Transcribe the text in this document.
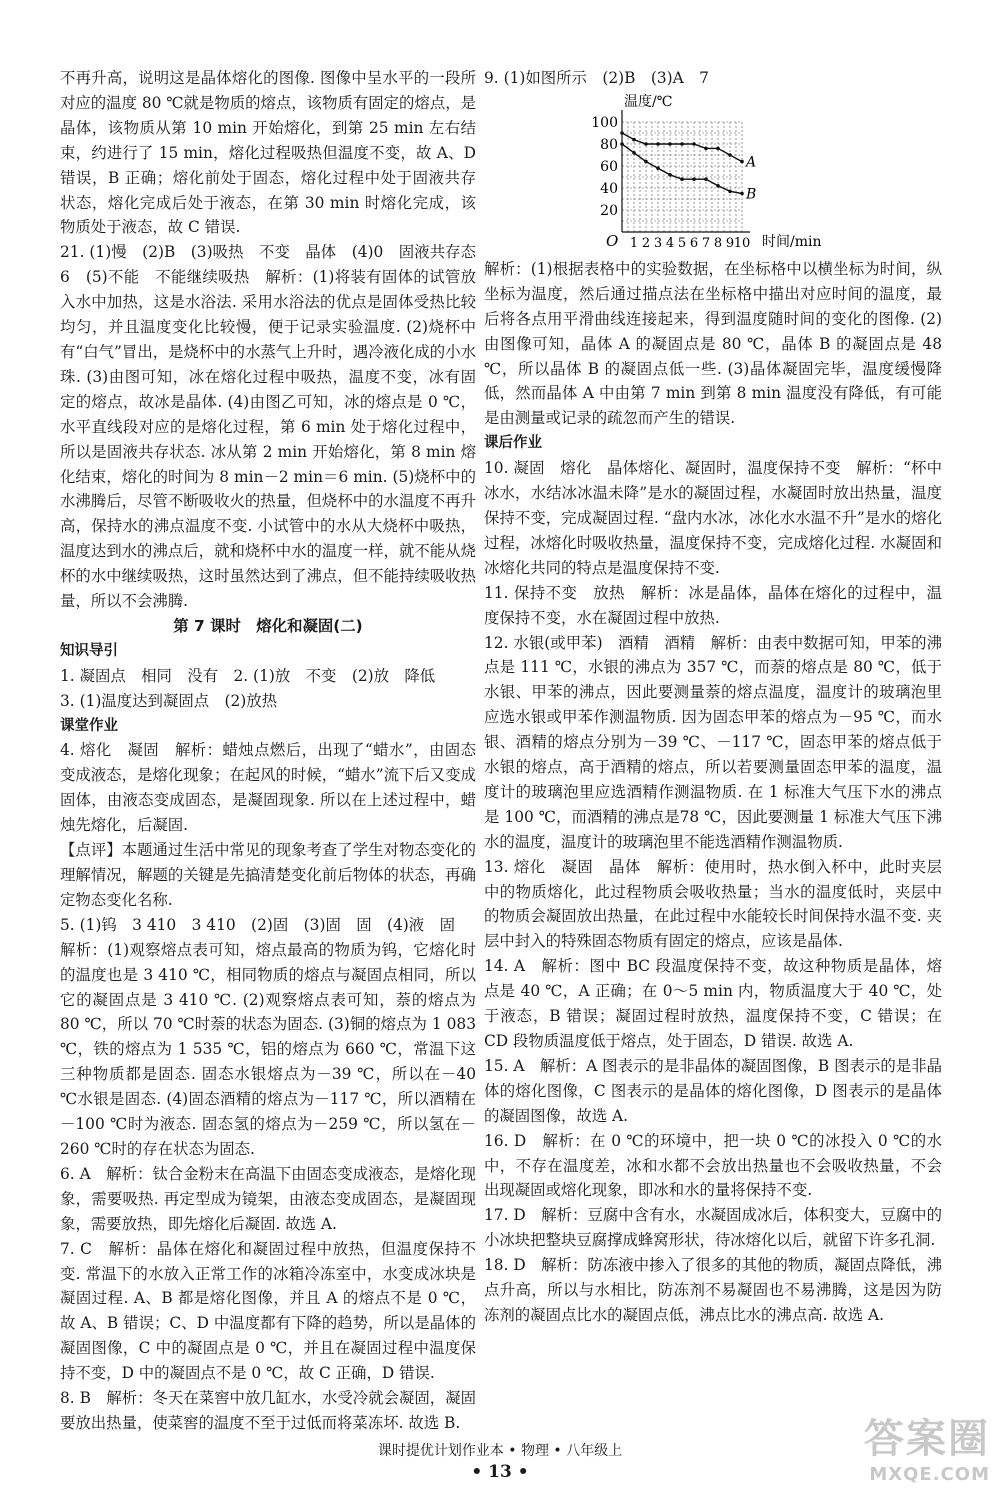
不再升高，说明这是晶体熔化的图像. 图像中呈水平的一段所对应的温度 80 ℃就是物质的熔点，该物质有固定的熔点，是晶体，该物质从第 10 min 开始熔化，到第 25 min 左右结束，约进行了 15 min，熔化过程吸热但温度不变，故 A、D 错误，B 正确；熔化前处于固态，熔化过程中处于固液共存状态，熔化完成后处于液态，在第 30 min 时熔化完成，该物质处于液态，故 C 错误.

21. (1)慢　(2)B　(3)吸热　不变　晶体　(4)0　固液共存态　6　(5)不能　不能继续吸热　解析：(1)将装有固体的试管放入水中加热，这是水浴法. 采用水浴法的优点是固体受热比较均匀，并且温度变化比较慢，便于记录实验温度. (2)烧杯中有“白气”冒出，是烧杯中的水蒸气上升时，遇冷液化成的小水珠. (3)由图可知，冰在熔化过程中吸热，温度不变，冰有固定的熔点，故冰是晶体. (4)由图乙可知，冰的熔点是 0 ℃，水平直线段对应的是熔化过程，第 6 min 处于熔化过程中，所以是固液共存状态. 冰从第 2 min 开始熔化，第 8 min 熔化结束，熔化的时间为 8 min－2 min＝6 min. (5)烧杯中的水沸腾后，尽管不断吸收火的热量，但烧杯中的水温度不再升高，保持水的沸点温度不变. 小试管中的水从大烧杯中吸热，温度达到水的沸点后，就和烧杯中水的温度一样，就不能从烧杯的水中继续吸热，这时虽然达到了沸点，但不能持续吸收热量，所以不会沸腾.

第 7 课时　熔化和凝固(二)

知识导引

1. 凝固点　相同　没有　2. (1)放　不变　(2)放　降低

3. (1)温度达到凝固点　(2)放热

课堂作业

4. 熔化　凝固　解析：蜡烛点燃后，出现了“蜡水”，由固态变成液态，是熔化现象；在起风的时候，“蜡水”流下后又变成固体，由液态变成固态，是凝固现象. 所以在上述过程中，蜡烛先熔化，后凝固.

【点评】本题通过生活中常见的现象考查了学生对物态变化的理解情况，解题的关键是先搞清楚变化前后物体的状态，再确定物态变化名称.

5. (1)钨　3 410　3 410　(2)固　(3)固　固　(4)液　固

解析：(1)观察熔点表可知，熔点最高的物质为钨，它熔化时的温度也是 3 410 ℃，相同物质的熔点与凝固点相同，所以它的凝固点是 3 410 ℃. (2)观察熔点表可知，萘的熔点为 80 ℃，所以 70 ℃时萘的状态为固态. (3)铜的熔点为 1 083 ℃，铁的熔点为 1 535 ℃，铝的熔点为 660 ℃，常温下这三种物质都是固态. 固态水银熔点为－39 ℃，所以在－40 ℃水银是固态. (4)固态酒精的熔点为－117 ℃，所以酒精在－100 ℃时为液态. 固态氢的熔点为－259 ℃，所以氢在－260 ℃时的存在状态为固态.

6. A　解析：钛合金粉末在高温下由固态变成液态，是熔化现象，需要吸热. 再定型成为镜架，由液态变成固态，是凝固现象，需要放热，即先熔化后凝固. 故选 A.

7. C　解析：晶体在熔化和凝固过程中放热，但温度保持不变. 常温下的水放入正常工作的冰箱冷冻室中，水变成冰块是凝固过程. A、B 都是熔化图像，并且 A 的熔点不是 0 ℃，故 A、B 错误；C、D 中温度都有下降的趋势，所以是晶体的凝固图像，C 中的凝固点是 0 ℃，并且在凝固过程中温度保持不变，D 中的凝固点不是 0 ℃，故 C 正确，D 错误.

8. B　解析：冬天在菜窖中放几缸水，水受冷就会凝固，凝固要放出热量，使菜窖的温度不至于过低而将菜冻坏. 故选 B.

9. (1)如图所示　(2)B　(3)A　7

解析：(1)根据表格中的实验数据，在坐标格中以横坐标为时间，纵坐标为温度，然后通过描点法在坐标格中描出对应时间的温度，最后将各点用平滑曲线连接起来，得到温度随时间的变化的图像. (2)由图像可知，晶体 A 的凝固点是 80 ℃，晶体 B 的凝固点是 48 ℃，所以晶体 B 的凝固点低一些. (3)晶体凝固完毕，温度缓慢降低，然而晶体 A 中由第 7 min 到第 8 min 温度没有降低，有可能是由测量或记录的疏忽而产生的错误.

课后作业

10. 凝固　熔化　晶体熔化、凝固时，温度保持不变　解析：“杯中冰水，水结冰冰温未降”是水的凝固过程，水凝固时放出热量，温度保持不变，完成凝固过程. “盘内水冰，冰化水水温不升”是水的熔化过程，冰熔化时吸收热量，温度保持不变，完成熔化过程. 水凝固和冰熔化共同的特点是温度保持不变.

11. 保持不变　放热　解析：冰是晶体，晶体在熔化的过程中，温度保持不变，水在凝固过程中放热.

12. 水银(或甲苯)　酒精　酒精　解析：由表中数据可知，甲苯的沸点是 111 ℃，水银的沸点为 357 ℃，而萘的熔点是 80 ℃，低于水银、甲苯的沸点，因此要测量萘的熔点温度，温度计的玻璃泡里应选水银或甲苯作测温物质. 因为固态甲苯的熔点为－95 ℃，而水银、酒精的熔点分别为－39 ℃、－117 ℃，固态甲苯的熔点低于水银的熔点，高于酒精的熔点，所以若要测量固态甲苯的温度，温度计的玻璃泡里应选酒精作测温物质. 在 1 标准大气压下水的沸点是 100 ℃，而酒精的沸点是78 ℃，因此要测量 1 标准大气压下沸水的温度，温度计的玻璃泡里不能选酒精作测温物质.

13. 熔化　凝固　晶体　解析：使用时，热水倒入杯中，此时夹层中的物质熔化，此过程物质会吸收热量；当水的温度低时，夹层中的物质会凝固放出热量，在此过程中水能较长时间保持水温不变. 夹层中封入的特殊固态物质有固定的熔点，应该是晶体.

14. A　解析：图中 BC 段温度保持不变，故这种物质是晶体，熔点是 40 ℃，A 正确；在 0～5 min 内，物质温度大于 40 ℃，处于液态，B 错误；凝固过程时放热，温度保持不变，C 错误；在 CD 段物质温度低于熔点，处于固态，D 错误. 故选 A.

15. A　解析：A 图表示的是非晶体的凝固图像，B 图表示的是非晶体的熔化图像，C 图表示的是晶体的熔化图像，D 图表示的是晶体的凝固图像，故选 A.

16. D　解析：在 0 ℃的环境中，把一块 0 ℃的冰投入 0 ℃的水中，不存在温度差，冰和水都不会放出热量也不会吸收热量，不会出现凝固或熔化现象，即冰和水的量将保持不变.

17. D　解析：豆腐中含有水，水凝固成冰后，体积变大，豆腐中的小冰块把整块豆腐撑成蜂窝形状，待冰熔化以后，就留下许多孔洞.

18. D　解析：防冻液中掺入了很多的其他的物质，凝固点降低，沸点升高，所以与水相比，防冻剂不易凝固也不易沸腾，这是因为防冻剂的凝固点比水的凝固点低，沸点比水的沸点高. 故选 A.

100
80
60
40
20
1 2 3 4 5 6 7 8 9 10
温度/℃
时间/min
O
A
B
课时提优计划作业本 • 物理 • 八年级上
• 13 •
答案圈
MXQE.COM
